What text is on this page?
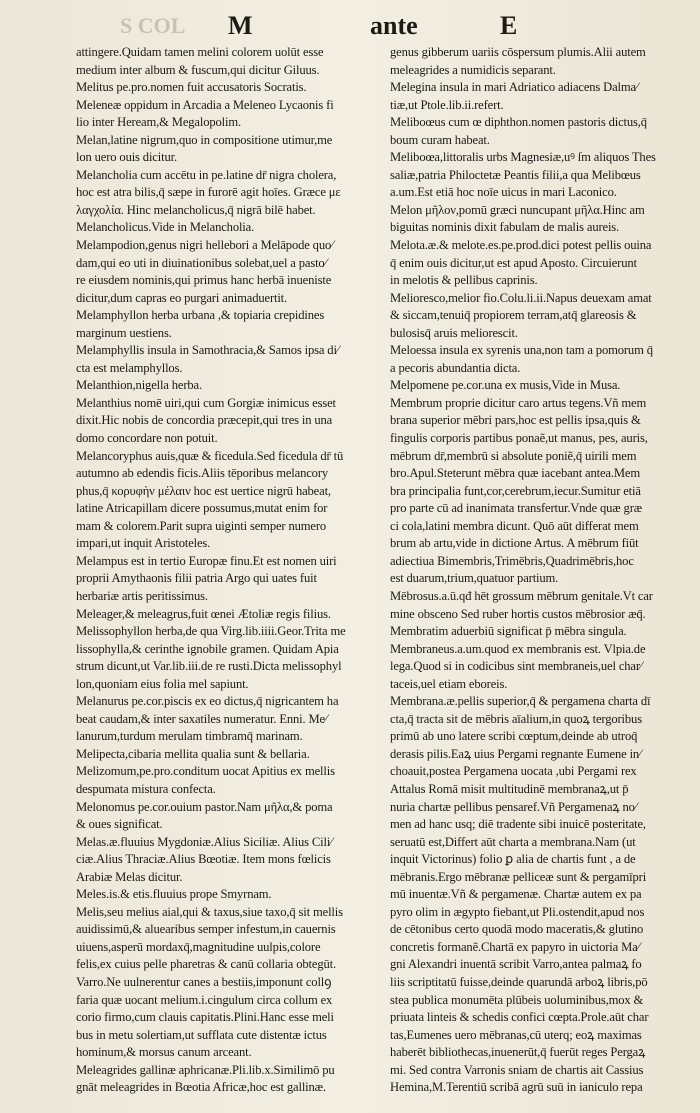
S COL M	ante	E
attingere.Quidam tamen melini colorem uolūt esse
medium inter album & fuscum,qui dicitur Giluus.
Melitus pe.pro.nomen fuit accusatoris Socratis.
Meleneæ oppidum in Arcadia a Meleneo Lycaonis fi
lio inter Heream,& Megalopolim.
Melan,latine nigrum,quo in compositione utimur,me
lon uero ouis dicitur.
Melancholia cum accētu in pe.latine dr̄ nigra cholera,
hoc est atra bilis,q̄ sæpe in furorē agit hoīes. Græce με
λαγχολία. Hinc melancholicus,q̄ nigrā bilē habet.
Melancholicus.Vide in Melancholia.
Melampodion,genus nigri hellebori a Melāpode quo⁄
dam,qui eo uti in diuinationibus solebat,uel a pasto⁄
re eiusdem nominis,qui primus hanc herbā inueniste
dicitur,dum capras eo purgari animaduertit.
Melamphyllon herba urbana ,& topiaria crepidines
marginum uestiens.
Melamphyllis insula in Samothracia,& Samos ipsa di⁄
cta est melamphyllos.
Melanthion,nigella herba.
Melanthius nomē uiri,qui cum Gorgiæ inimicus esset
dixit.Hic nobis de concordia præcepit,qui tres in una
domo concordare non potuit.
Melancoryphus auis,quæ & ficedula.Sed ficedula dr̄ tū
autumno ab edendis ficis.Aliis tēporibus melancory
phus,q̄ κορυφὴν μέλαιν hoc est uertice nigrū habeat,
latine Atricapillam dicere possumus,mutat enim for
mam & colorem.Parit supra uiginti semper numero
impari,ut inquit Aristoteles.
Melampus est in tertio Europæ finu.Et est nomen uiri
proprii Amythaonis filii patria Argo qui uates fuit
herbariæ artis peritissimus.
Meleager,& meleagrus,fuit œnei Ætoliæ regis filius.
Melissophyllon herba,de qua Virg.lib.iiii.Geor.Trita me
lissophylla,& cerinthe ignobile gramen. Quidam Apia
strum dicunt,ut Var.lib.iii.de re rusti.Dicta melissophyl
lon,quoniam eius folia mel sapiunt.
Melanurus pe.cor.piscis ex eo dictus,q̄ nigricantem ha
beat caudam,& inter saxatiles numeratur. Enni. Me⁄
lanurum,turdum merulam timbramq̄ marinam.
Melipecta,cibaria mellita qualia sunt & bellaria.
Melizomum,pe.pro.conditum uocat Apitius ex mellis
despumata mistura confecta.
Melonomus pe.cor.ouium pastor.Nam μῆλα,& poma
& oues significat.
Melas.æ.fluuius Mygdoniæ.Alius Siciliæ. Alius Cili⁄
ciæ.Alius Thraciæ.Alius Bœotiæ. Item mons fœlicis
Arabiæ Melas dicitur.
Meles.is.& etis.fluuius prope Smyrnam.
Melis,seu melius aial,qui & taxus,siue taxo,q̄ sit mellis
auidissimū,& aluearibus semper infestum,in cauernis
uiuens,asperū mordaxq̄,magnitudine uulpis,colore
felis,ex cuius pelle pharetras & canū collaria obtegūt.
Varro.Ne uulnerentur canes a bestiis,imponunt collꝯ
faria quæ uocant melium.i.cingulum circa collum ex
corio firmo,cum clauis capitatis.Plini.Hanc esse meli
bus in metu solertiam,ut sufflata cute distentæ ictus
hominum,& morsus canum arceant.
Meleagrides gallinæ aphricanæ.Pli.lib.x.Similimō pu
gnāt meleagrides in Bœotia Africæ,hoc est gallinæ.
genus gibberum uariis cōspersum plumis.Alii autem
meleagrides a numidicis separant.
Melegina insula in mari Adriatico adiacens Dalma⁄
tiæ,ut Ptole.lib.ii.refert.
Meliboœus cum œ diphthon.nomen pastoris dictus,q̄
boum curam habeat.
Meliboœa,littoralis urbs Magnesiæ,uꝰ ſm aliquos Thes
saliæ,patria Philoctetæ Peantis filii,a qua Melibœus
a.um.Est etiā hoc noīe uicus in mari Laconico.
Melon μῆλον,pomū græci nuncupant μῆλα.Hinc am
biguitas nominis dixit fabulam de malis aureis.
Melota.æ.& melote.es.pe.prod.dici potest pellis ouina
q̄ enim ouis dicitur,ut est apud Aposto. Circuierunt
in melotis & pellibus caprinis.
Melioresco,melior fio.Colu.li.ii.Napus deuexam amat
& siccam,tenuiq̄ propiorem terram,atq̄ glareosis &
bulosisq̄ aruis meliorescit.
Meloessa insula ex syrenis una,non tam a pomorum q̄
a pecoris abundantia dicta.
Melpomene pe.cor.una ex musis,Vide in Musa.
Membrum proprie dicitur caro artus tegens.Vñ mem
brana superior mēbri pars,hoc est pellis ipsa,quis &
fingulis corporis partibus ponaẽ,ut manus, pes, auris,
mēbrum dr̄,membrū si absolute poniẽ,q̄ uirili mem
bro.Apul.Steterunt mēbra quæ iacebant antea.Mem
bra principalia funt,cor,cerebrum,iecur.Sumitur etiā
pro parte cū ad inanimata transfertur.Vnde quæ græ
ci cola,latini membra dicunt. Quō aūt differat mem
brum ab artu,vide in dictione Artus. A mēbrum fiūt
adiectiua Bimembris,Trimēbris,Quadrimēbris,hoc
est duarum,trium,quatuor partium.
Mēbrosus.a.ū.qđ hēt grossum mēbrum genitale.Vt car
mine obsceno Sed ruber hortis custos mēbrosior æq̄.
Membratim aduerbiū significat p̄ mēbra singula.
Membraneus.a.um.quod ex membranis est. Vlpia.de
lega.Quod si in codicibus sint membraneis,uel char⁄
taceis,uel etiam eboreis.
Membrana.æ.pellis superior,q̄ & pergamena charta dī
cta,q̄ tracta sit de mēbris aīalium,in quoꝝ tergoribus
primū ab uno latere scribi cœptum,deinde ab utroq̄
derasis pilis.Eaꝝ uius Pergami regnante Eumene in⁄
choauit,postea Pergamena uocata ,ubi Pergami rex
Attalus Romā misit multitudinē membranaꝝ,ut p̄
nuria chartæ pellibus pensaref.Vñ Pergamenaꝝ no⁄
men ad hanc usq; diē tradente sibi inuicē posteritate,
seruatū est,Differt aūt charta a membrana.Nam (ut
inquit Victorinus) folio ꝑ alia de chartis funt , a de
mēbranis.Ergo mēbranæ pelliceæ sunt & pergamīpri
mū inuentæ.Vñ & pergamenæ. Chartæ autem ex pa
pyro olim in ægypto fiebant,ut Pli.ostendit,apud nos
de cētonibus certo quodā modo maceratis,& glutino
concretis formanẽ.Chartā ex papyro in uictoria Ma⁄
gni Alexandri inuentā scribit Varro,antea palmaꝝ fo
liis scriptitatū fuisse,deinde quarundā arboꝝ libris,pō
stea publica monumēta plūbeis uoluminibus,mox &
priuata linteis & schedis confici cœpta.Prole.aūt char
tas,Eumenes uero mēbranas,cū uterq; eoꝝ maximas
haberēt bibliothecas,inuenerūt,q̄ fuerūt reges Pergaꝝ
mi. Sed contra Varronis sniam de chartis ait Cassius
Hemina,M.Terentiū scribā agrū suū in ianiculo repa
